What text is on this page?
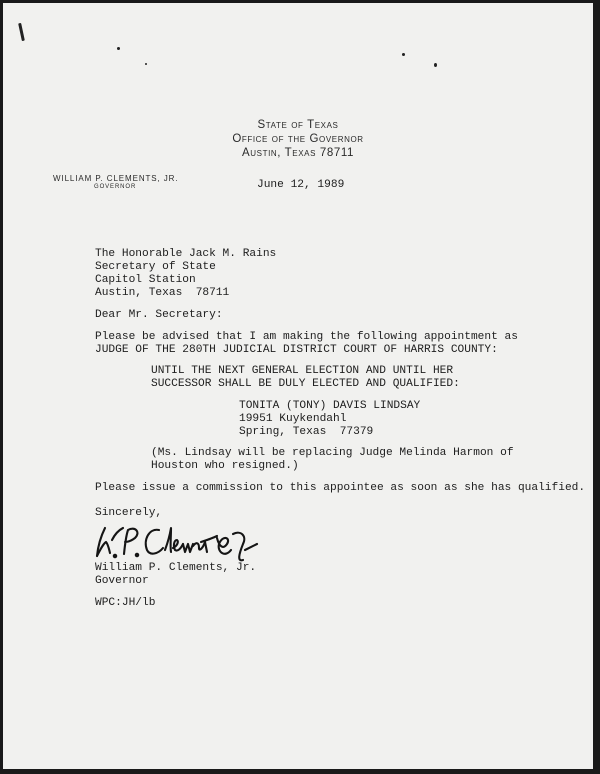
State of Texas
Office of the Governor
Austin, Texas 78711
WILLIAM P. CLEMENTS, JR.
GOVERNOR	June 12, 1989
The Honorable Jack M. Rains
Secretary of State
Capitol Station
Austin, Texas  78711
Dear Mr. Secretary:
Please be advised that I am making the following appointment as
JUDGE OF THE 280TH JUDICIAL DISTRICT COURT OF HARRIS COUNTY:
UNTIL THE NEXT GENERAL ELECTION AND UNTIL HER
SUCCESSOR SHALL BE DULY ELECTED AND QUALIFIED:
TONITA (TONY) DAVIS LINDSAY
19951 Kuykendahl
Spring, Texas  77379
(Ms. Lindsay will be replacing Judge Melinda Harmon of
Houston who resigned.)
Please issue a commission to this appointee as soon as she has qualified.
Sincerely,
William P. Clements, Jr.
Governor
WPC:JH/lb
